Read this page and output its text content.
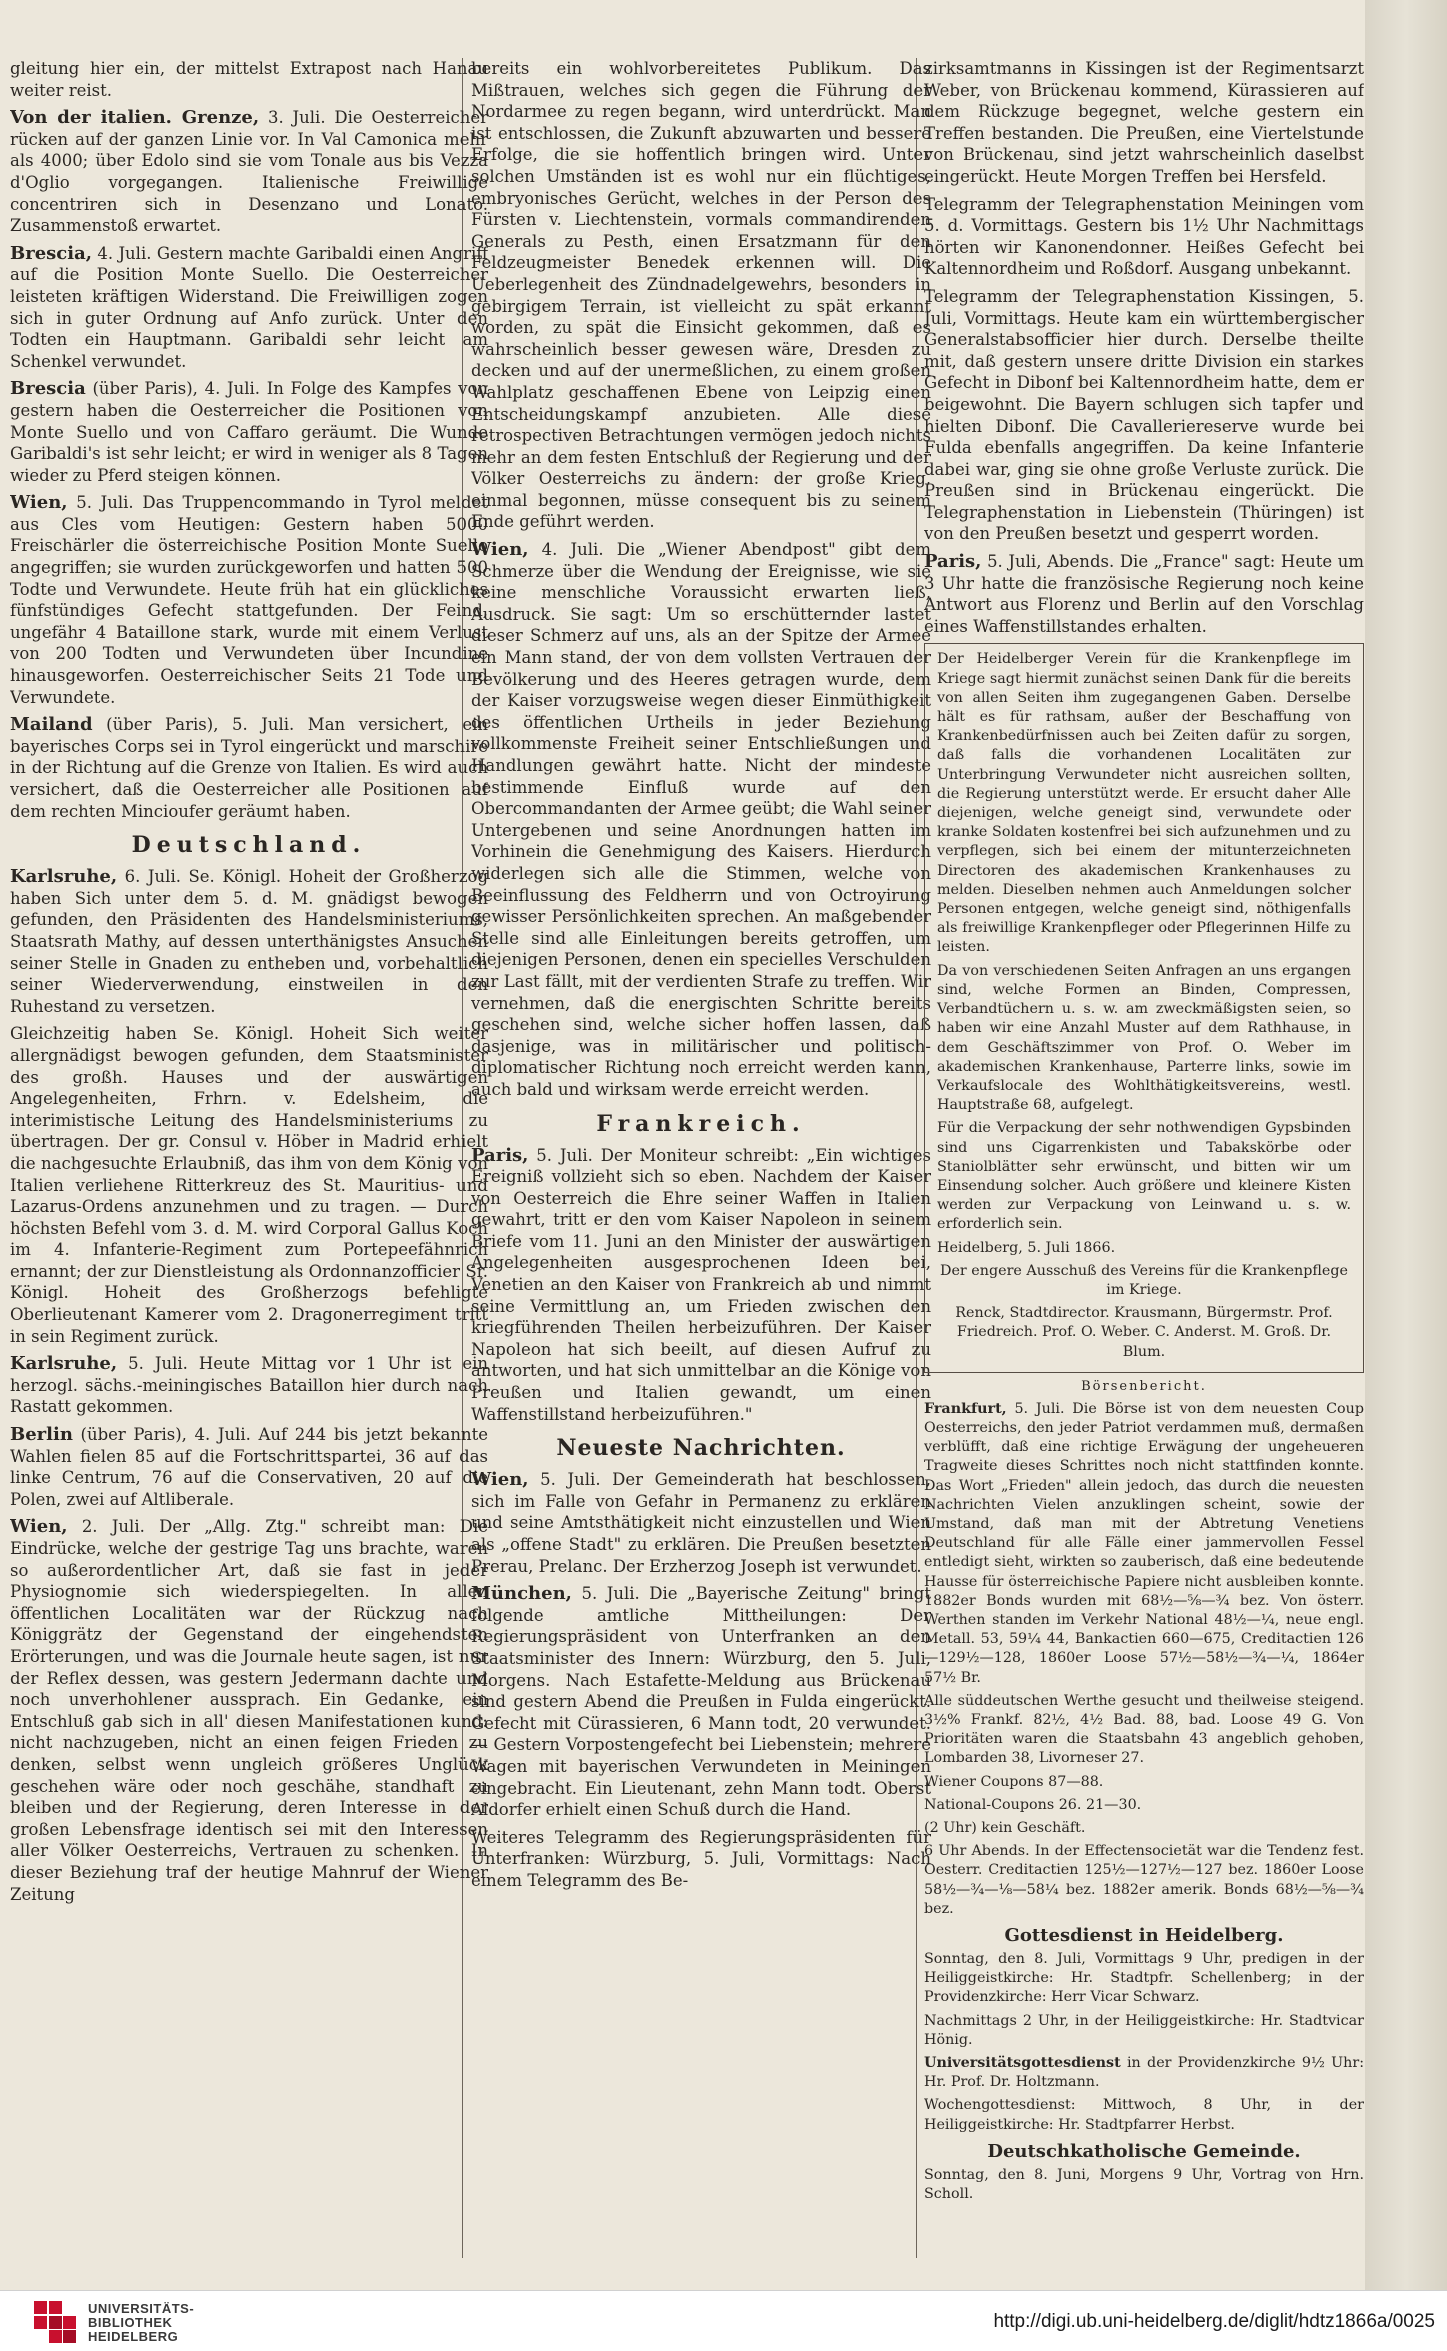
gleitung hier ein, der mittelst Extrapost nach Hanau weiter reist.

Von der italien. Grenze, 3. Juli. Die Oesterreicher rücken auf der ganzen Linie vor. In Val Camonica mehr als 4000; über Edolo sind sie vom Tonale aus bis Vezza d'Oglio vorgegangen. Italienische Freiwillige concentriren sich in Desenzano und Lonato. Zusammenstoß erwartet.

Brescia, 4. Juli. Gestern machte Garibaldi einen Angriff auf die Position Monte Suello. Die Oesterreicher leisteten kräftigen Widerstand. Die Freiwilligen zogen sich in guter Ordnung auf Anfo zurück. Unter den Todten ein Hauptmann. Garibaldi sehr leicht am Schenkel verwundet.

Brescia (über Paris), 4. Juli. In Folge des Kampfes von gestern haben die Oesterreicher die Positionen von Monte Suello und von Caffaro geräumt. Die Wunde Garibaldi's ist sehr leicht; er wird in weniger als 8 Tagen wieder zu Pferd steigen können.

Wien, 5. Juli. Das Truppencommando in Tyrol meldet aus Cles vom Heutigen: Gestern haben 5000 Freischärler die österreichische Position Monte Suello angegriffen; sie wurden zurückgeworfen und hatten 500 Todte und Verwundete. Heute früh hat ein glückliches fünfstündiges Gefecht stattgefunden. Der Feind, ungefähr 4 Bataillone stark, wurde mit einem Verlust von 200 Todten und Verwundeten über Incundine hinausgeworfen. Oesterreichischer Seits 21 Tode und Verwundete.

Mailand (über Paris), 5. Juli. Man versichert, ein bayerisches Corps sei in Tyrol eingerückt und marschire in der Richtung auf die Grenze von Italien. Es wird auch versichert, daß die Oesterreicher alle Positionen auf dem rechten Mincioufer geräumt haben.

Deutschland.

Karlsruhe, 6. Juli. Se. Königl. Hoheit der Großherzog haben Sich unter dem 5. d. M. gnädigst bewogen gefunden, den Präsidenten des Handelsministeriums, Staatsrath Mathy, auf dessen unterthänigstes Ansuchen seiner Stelle in Gnaden zu entheben und, vorbehaltlich seiner Wiederverwendung, einstweilen in den Ruhestand zu versetzen.

Gleichzeitig haben Se. Königl. Hoheit Sich weiter allergnädigst bewogen gefunden, dem Staatsminister des großh. Hauses und der auswärtigen Angelegenheiten, Frhrn. v. Edelsheim, die interimistische Leitung des Handelsministeriums zu übertragen. Der gr. Consul v. Höber in Madrid erhielt die nachgesuchte Erlaubniß, das ihm von dem König von Italien verliehene Ritterkreuz des St. Mauritius- und Lazarus-Ordens anzunehmen und zu tragen. — Durch höchsten Befehl vom 3. d. M. wird Corporal Gallus Koch im 4. Infanterie-Regiment zum Portepeefähnrich ernannt; der zur Dienstleistung als Ordonnanzofficier Sr. Königl. Hoheit des Großherzogs befehligte Oberlieutenant Kamerer vom 2. Dragonerregiment tritt in sein Regiment zurück.

Karlsruhe, 5. Juli. Heute Mittag vor 1 Uhr ist ein herzogl. sächs.-meiningisches Bataillon hier durch nach Rastatt gekommen.

Berlin (über Paris), 4. Juli. Auf 244 bis jetzt bekannte Wahlen fielen 85 auf die Fortschrittspartei, 36 auf das linke Centrum, 76 auf die Conservativen, 20 auf die Polen, zwei auf Altliberale.

Wien, 2. Juli. Der „Allg. Ztg." schreibt man: Die Eindrücke, welche der gestrige Tag uns brachte, waren so außerordentlicher Art, daß sie fast in jeder Physiognomie sich wiederspiegelten. In allen öffentlichen Localitäten war der Rückzug nach Königgrätz der Gegenstand der eingehendsten Erörterungen, und was die Journale heute sagen, ist nur der Reflex dessen, was gestern Jedermann dachte und noch unverhohlener aussprach. Ein Gedanke, ein Entschluß gab sich in all' diesen Manifestationen kund: nicht nachzugeben, nicht an einen feigen Frieden zu denken, selbst wenn ungleich größeres Unglück geschehen wäre oder noch geschähe, standhaft zu bleiben und der Regierung, deren Interesse in der großen Lebensfrage identisch sei mit den Interessen aller Völker Oesterreichs, Vertrauen zu schenken. In dieser Beziehung traf der heutige Mahnruf der Wiener Zeitung

bereits ein wohlvorbereitetes Publikum. Das Mißtrauen, welches sich gegen die Führung der Nordarmee zu regen begann, wird unterdrückt. Man ist entschlossen, die Zukunft abzuwarten und bessere Erfolge, die sie hoffentlich bringen wird. Unter solchen Umständen ist es wohl nur ein flüchtiges, embryonisches Gerücht, welches in der Person des Fürsten v. Liechtenstein, vormals commandirenden Generals zu Pesth, einen Ersatzmann für den Feldzeugmeister Benedek erkennen will. Die Ueberlegenheit des Zündnadelgewehrs, besonders in gebirgigem Terrain, ist vielleicht zu spät erkannt worden, zu spät die Einsicht gekommen, daß es wahrscheinlich besser gewesen wäre, Dresden zu decken und auf der unermeßlichen, zu einem großen Wahlplatz geschaffenen Ebene von Leipzig einen Entscheidungskampf anzubieten. Alle diese retrospectiven Betrachtungen vermögen jedoch nichts mehr an dem festen Entschluß der Regierung und der Völker Oesterreichs zu ändern: der große Krieg, einmal begonnen, müsse consequent bis zu seinem Ende geführt werden.

Wien, 4. Juli. Die „Wiener Abendpost" gibt dem Schmerze über die Wendung der Ereignisse, wie sie keine menschliche Voraussicht erwarten ließ, Ausdruck. Sie sagt: Um so erschütternder lastet dieser Schmerz auf uns, als an der Spitze der Armee ein Mann stand, der von dem vollsten Vertrauen der Bevölkerung und des Heeres getragen wurde, dem der Kaiser vorzugsweise wegen dieser Einmüthigkeit des öffentlichen Urtheils in jeder Beziehung vollkommenste Freiheit seiner Entschließungen und Handlungen gewährt hatte. Nicht der mindeste bestimmende Einfluß wurde auf den Obercommandanten der Armee geübt; die Wahl seiner Untergebenen und seine Anordnungen hatten im Vorhinein die Genehmigung des Kaisers. Hierdurch widerlegen sich alle die Stimmen, welche von Beeinflussung des Feldherrn und von Octroyirung gewisser Persönlichkeiten sprechen. An maßgebender Stelle sind alle Einleitungen bereits getroffen, um diejenigen Personen, denen ein specielles Verschulden zur Last fällt, mit der verdienten Strafe zu treffen. Wir vernehmen, daß die energischten Schritte bereits geschehen sind, welche sicher hoffen lassen, daß dasjenige, was in militärischer und politisch-diplomatischer Richtung noch erreicht werden kann, auch bald und wirksam werde erreicht werden.

Frankreich.

Paris, 5. Juli. Der Moniteur schreibt: „Ein wichtiges Ereigniß vollzieht sich so eben. Nachdem der Kaiser von Oesterreich die Ehre seiner Waffen in Italien gewahrt, tritt er den vom Kaiser Napoleon in seinem Briefe vom 11. Juni an den Minister der auswärtigen Angelegenheiten ausgesprochenen Ideen bei, Venetien an den Kaiser von Frankreich ab und nimmt seine Vermittlung an, um Frieden zwischen den kriegführenden Theilen herbeizuführen. Der Kaiser Napoleon hat sich beeilt, auf diesen Aufruf zu antworten, und hat sich unmittelbar an die Könige von Preußen und Italien gewandt, um einen Waffenstillstand herbeizuführen."

Neueste Nachrichten.

Wien, 5. Juli. Der Gemeinderath hat beschlossen, sich im Falle von Gefahr in Permanenz zu erklären und seine Amtsthätigkeit nicht einzustellen und Wien als „offene Stadt" zu erklären. Die Preußen besetzten Prerau, Prelanc. Der Erzherzog Joseph ist verwundet.

München, 5. Juli. Die „Bayerische Zeitung" bringt folgende amtliche Mittheilungen: Der Regierungspräsident von Unterfranken an den Staatsminister des Innern: Würzburg, den 5. Juli, Morgens. Nach Estafette-Meldung aus Brückenau sind gestern Abend die Preußen in Fulda eingerückt. Gefecht mit Cürassieren, 6 Mann todt, 20 verwundet. — Gestern Vorpostengefecht bei Liebenstein; mehrere Wagen mit bayerischen Verwundeten in Meiningen eingebracht. Ein Lieutenant, zehn Mann todt. Oberst Aldorfer erhielt einen Schuß durch die Hand.

Weiteres Telegramm des Regierungspräsidenten für Unterfranken: Würzburg, 5. Juli, Vormittags: Nach einem Telegramm des Be-

zirksamtmanns in Kissingen ist der Regimentsarzt Weber, von Brückenau kommend, Kürassieren auf dem Rückzuge begegnet, welche gestern ein Treffen bestanden. Die Preußen, eine Viertelstunde von Brückenau, sind jetzt wahrscheinlich daselbst eingerückt. Heute Morgen Treffen bei Hersfeld.

Telegramm der Telegraphenstation Meiningen vom 5. d. Vormittags. Gestern bis 1½ Uhr Nachmittags hörten wir Kanonendonner. Heißes Gefecht bei Kaltennordheim und Roßdorf. Ausgang unbekannt.

Telegramm der Telegraphenstation Kissingen, 5. Juli, Vormittags. Heute kam ein württembergischer Generalstabsofficier hier durch. Derselbe theilte mit, daß gestern unsere dritte Division ein starkes Gefecht in Dibonf bei Kaltennordheim hatte, dem er beigewohnt. Die Bayern schlugen sich tapfer und hielten Dibonf. Die Cavalleriereserve wurde bei Fulda ebenfalls angegriffen. Da keine Infanterie dabei war, ging sie ohne große Verluste zurück. Die Preußen sind in Brückenau eingerückt. Die Telegraphenstation in Liebenstein (Thüringen) ist von den Preußen besetzt und gesperrt worden.

Paris, 5. Juli, Abends. Die „France" sagt: Heute um 3 Uhr hatte die französische Regierung noch keine Antwort aus Florenz und Berlin auf den Vorschlag eines Waffenstillstandes erhalten.

Der Heidelberger Verein für die Krankenpflege im Kriege sagt hiermit zunächst seinen Dank für die bereits von allen Seiten ihm zugegangenen Gaben. Derselbe hält es für rathsam, außer der Beschaffung von Krankenbedürfnissen auch bei Zeiten dafür zu sorgen, daß falls die vorhandenen Localitäten zur Unterbringung Verwundeter nicht ausreichen sollten, die Regierung unterstützt werde. Er ersucht daher Alle diejenigen, welche geneigt sind, verwundete oder kranke Soldaten kostenfrei bei sich aufzunehmen und zu verpflegen, sich bei einem der mitunterzeichneten Directoren des akademischen Krankenhauses zu melden. Dieselben nehmen auch Anmeldungen solcher Personen entgegen, welche geneigt sind, nöthigenfalls als freiwillige Krankenpfleger oder Pflegerinnen Hilfe zu leisten.

Da von verschiedenen Seiten Anfragen an uns ergangen sind, welche Formen an Binden, Compressen, Verbandtüchern u. s. w. am zweckmäßigsten seien, so haben wir eine Anzahl Muster auf dem Rathhause, in dem Geschäftszimmer von Prof. O. Weber im akademischen Krankenhause, Parterre links, sowie im Verkaufslocale des Wohlthätigkeitsvereins, westl. Hauptstraße 68, aufgelegt.

Für die Verpackung der sehr nothwendigen Gypsbinden sind uns Cigarrenkisten und Tabakskörbe oder Staniolblätter sehr erwünscht, und bitten wir um Einsendung solcher. Auch größere und kleinere Kisten werden zur Verpackung von Leinwand u. s. w. erforderlich sein.

Heidelberg, 5. Juli 1866.

Der engere Ausschuß des Vereins für die Krankenpflege im Kriege.

Renck, Stadtdirector. Krausmann, Bürgermstr. Prof. Friedreich. Prof. O. Weber. C. Anderst. M. Groß. Dr. Blum.

Börsenbericht.

Frankfurt, 5. Juli. Die Börse ist von dem neuesten Coup Oesterreichs, den jeder Patriot verdammen muß, dermaßen verblüfft, daß eine richtige Erwägung der ungeheueren Tragweite dieses Schrittes noch nicht stattfinden konnte. Das Wort „Frieden" allein jedoch, das durch die neuesten Nachrichten Vielen anzuklingen scheint, sowie der Umstand, daß man mit der Abtretung Venetiens Deutschland für alle Fälle einer jammervollen Fessel entledigt sieht, wirkten so zauberisch, daß eine bedeutende Hausse für österreichische Papiere nicht ausbleiben konnte. 1882er Bonds wurden mit 68½—⅝—¾ bez. Von österr. Werthen standen im Verkehr National 48½—¼, neue engl. Metall. 53, 59¼ 44, Bankactien 660—675, Creditactien 126—129½—128, 1860er Loose 57½—58½—¾—¼, 1864er 57½ Br.

Alle süddeutschen Werthe gesucht und theilweise steigend. 3½% Frankf. 82½, 4½ Bad. 88, bad. Loose 49 G. Von Prioritäten waren die Staatsbahn 43 angeblich gehoben, Lombarden 38, Livorneser 27.

Wiener Coupons 87—88.

National-Coupons 26. 21—30.

(2 Uhr) kein Geschäft.

6 Uhr Abends. In der Effectensocietät war die Tendenz fest. Oesterr. Creditactien 125½—127½—127 bez. 1860er Loose 58½—¾—⅛—58¼ bez. 1882er amerik. Bonds 68½—⅝—¾ bez.

Gottesdienst in Heidelberg.

Sonntag, den 8. Juli, Vormittags 9 Uhr, predigen in der Heiliggeistkirche: Hr. Stadtpfr. Schellenberg; in der Providenzkirche: Herr Vicar Schwarz.

Nachmittags 2 Uhr, in der Heiliggeistkirche: Hr. Stadtvicar Hönig.

Universitätsgottesdienst in der Providenzkirche 9½ Uhr: Hr. Prof. Dr. Holtzmann.

Wochengottesdienst: Mittwoch, 8 Uhr, in der Heiliggeistkirche: Hr. Stadtpfarrer Herbst.

Deutschkatholische Gemeinde.

Sonntag, den 8. Juni, Morgens 9 Uhr, Vortrag von Hrn. Scholl.

UNIVERSITÄTS-
BIBLIOTHEK
HEIDELBERG
http://digi.ub.uni-heidelberg.de/diglit/hdtz1866a/0025
